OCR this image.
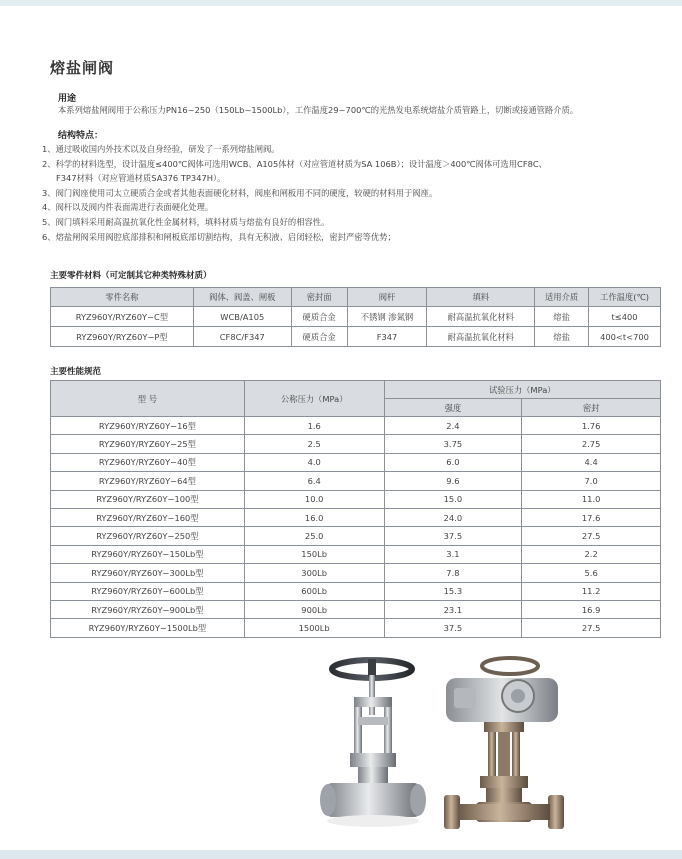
熔盐闸阀
用途
本系列熔盐闸阀用于公称压力PN16~250（150Lb~1500Lb），工作温度29~700℃的光热发电系统熔盐介质管路上，切断或接通管路介质。
结构特点：
1、通过吸收国内外技术以及自身经验，研发了一系列熔盐闸阀。
2、科学的材料选型，设计温度≤400℃阀体可选用WCB、A105体材（对应管道材质为SA 106B）；设计温度＞400℃阀体可选用CF8C、
F347材料（对应管道材质SA376 TP347H）。
3、阀门阀座使用司太立硬质合金或者其他表面硬化材料，阀座和闸板用不同的硬度，较硬的材料用于阀座。
4、阀杆以及阀内件表面需进行表面硬化处理。
5、阀门填料采用耐高温抗氧化性金属材料，填料材质与熔盐有良好的相容性。
6、熔盐闸阀采用阀腔底部排积和闸板底部切割结构，具有无积液、启闭轻松，密封严密等优势；
主要零件材料（可定制其它种类特殊材质）
零件名称	阀体、阀盖、闸板	密封面	阀杆	填料	适用介质	工作温度(℃)
RYZ960Y/RYZ60Y−C型	WCB/A105	硬质合金	不锈钢 渗氮钢	耐高温抗氧化材料	熔盐	t≤400
RYZ960Y/RYZ60Y−P型	CF8C/F347	硬质合金	F347	耐高温抗氧化材料	熔盐	400<t<700
主要性能规范
型 号	公称压力（MPa）	试验压力（MPa）	
		强度	密封
RYZ960Y/RYZ60Y−16型	1.6	2.4	1.76
RYZ960Y/RYZ60Y−25型	2.5	3.75	2.75
RYZ960Y/RYZ60Y−40型	4.0	6.0	4.4
RYZ960Y/RYZ60Y−64型	6.4	9.6	7.0
RYZ960Y/RYZ60Y−100型	10.0	15.0	11.0
RYZ960Y/RYZ60Y−160型	16.0	24.0	17.6
RYZ960Y/RYZ60Y−250型	25.0	37.5	27.5
RYZ960Y/RYZ60Y−150Lb型	150Lb	3.1	2.2
RYZ960Y/RYZ60Y−300Lb型	300Lb	7.8	5.6
RYZ960Y/RYZ60Y−600Lb型	600Lb	15.3	11.2
RYZ960Y/RYZ60Y−900Lb型	900Lb	23.1	16.9
RYZ960Y/RYZ60Y−1500Lb型	1500Lb	37.5	27.5
